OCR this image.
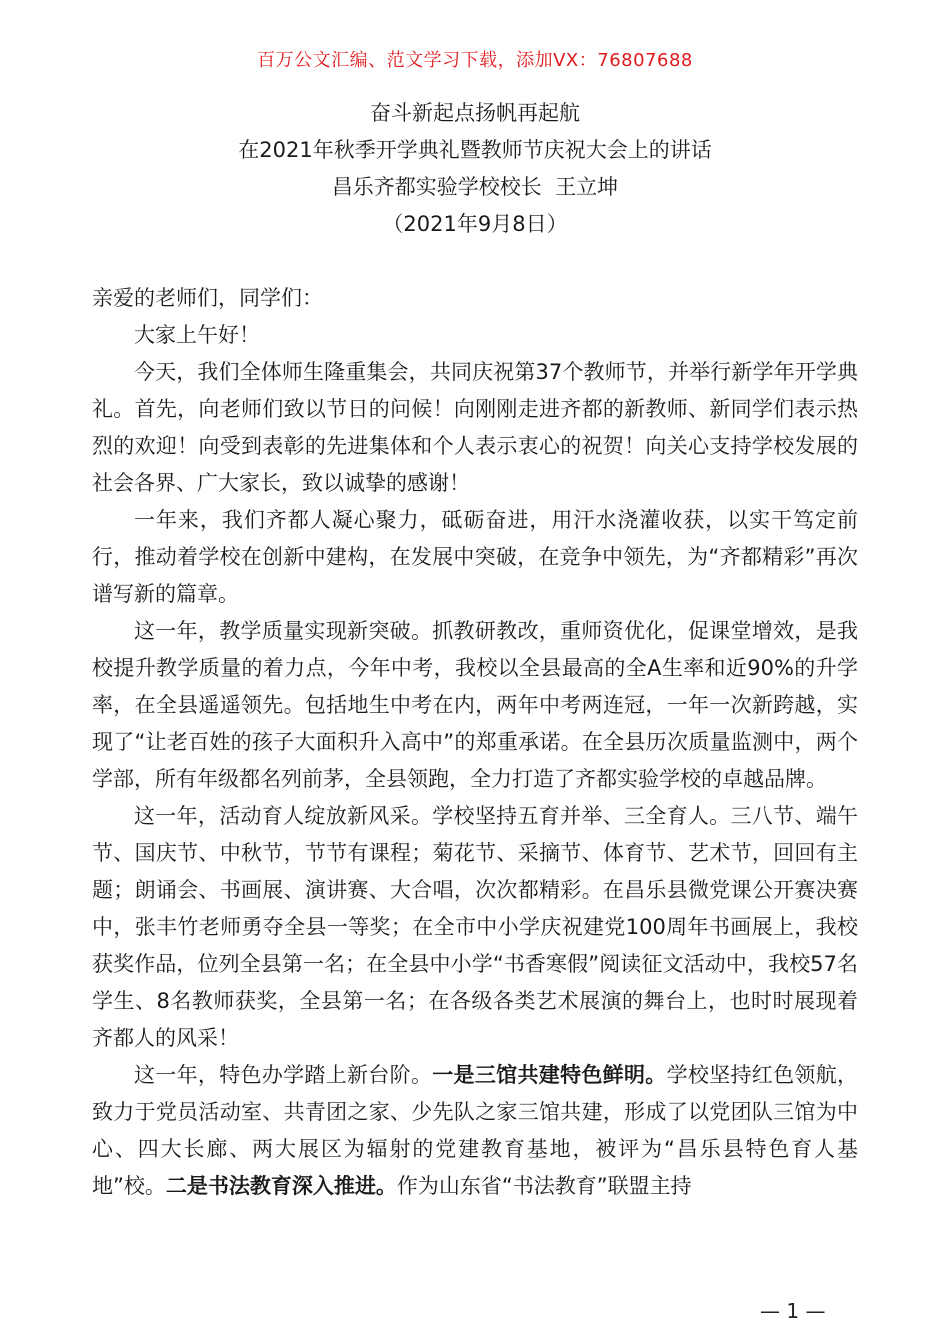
百万公文汇编、范文学习下载，添加VX：76807688
奋斗新起点扬帆再起航
在2021年秋季开学典礼暨教师节庆祝大会上的讲话
昌乐齐都实验学校校长  王立坤
（2021年9月8日）

亲爱的老师们，同学们：

大家上午好！

今天，我们全体师生隆重集会，共同庆祝第37个教师节，并举行新学年开学典礼。首先，向老师们致以节日的问候！向刚刚走进齐都的新教师、新同学们表示热烈的欢迎！向受到表彰的先进集体和个人表示衷心的祝贺！向关心支持学校发展的社会各界、广大家长，致以诚挚的感谢！

一年来，我们齐都人凝心聚力，砥砺奋进，用汗水浇灌收获，以实干笃定前行，推动着学校在创新中建构，在发展中突破，在竞争中领先，为“齐都精彩”再次谱写新的篇章。

这一年，教学质量实现新突破。抓教研教改，重师资优化，促课堂增效，是我校提升教学质量的着力点，今年中考，我校以全县最高的全A生率和近90%的升学率，在全县遥遥领先。包括地生中考在内，两年中考两连冠，一年一次新跨越，实现了“让老百姓的孩子大面积升入高中”的郑重承诺。在全县历次质量监测中，两个学部，所有年级都名列前茅，全县领跑，全力打造了齐都实验学校的卓越品牌。

这一年，活动育人绽放新风采。学校坚持五育并举、三全育人。三八节、端午节、国庆节、中秋节，节节有课程；菊花节、采摘节、体育节、艺术节，回回有主题；朗诵会、书画展、演讲赛、大合唱，次次都精彩。在昌乐县微党课公开赛决赛中，张丰竹老师勇夺全县一等奖；在全市中小学庆祝建党100周年书画展上，我校获奖作品，位列全县第一名；在全县中小学“书香寒假”阅读征文活动中，我校57名学生、8名教师获奖，全县第一名；在各级各类艺术展演的舞台上，也时时展现着齐都人的风采！

这一年，特色办学踏上新台阶。一是三馆共建特色鲜明。学校坚持红色领航，致力于党员活动室、共青团之家、少先队之家三馆共建，形成了以党团队三馆为中心、四大长廊、两大展区为辐射的党建教育基地，被评为“昌乐县特色育人基地”校。二是书法教育深入推进。作为山东省“书法教育”联盟主持

— 1 —
